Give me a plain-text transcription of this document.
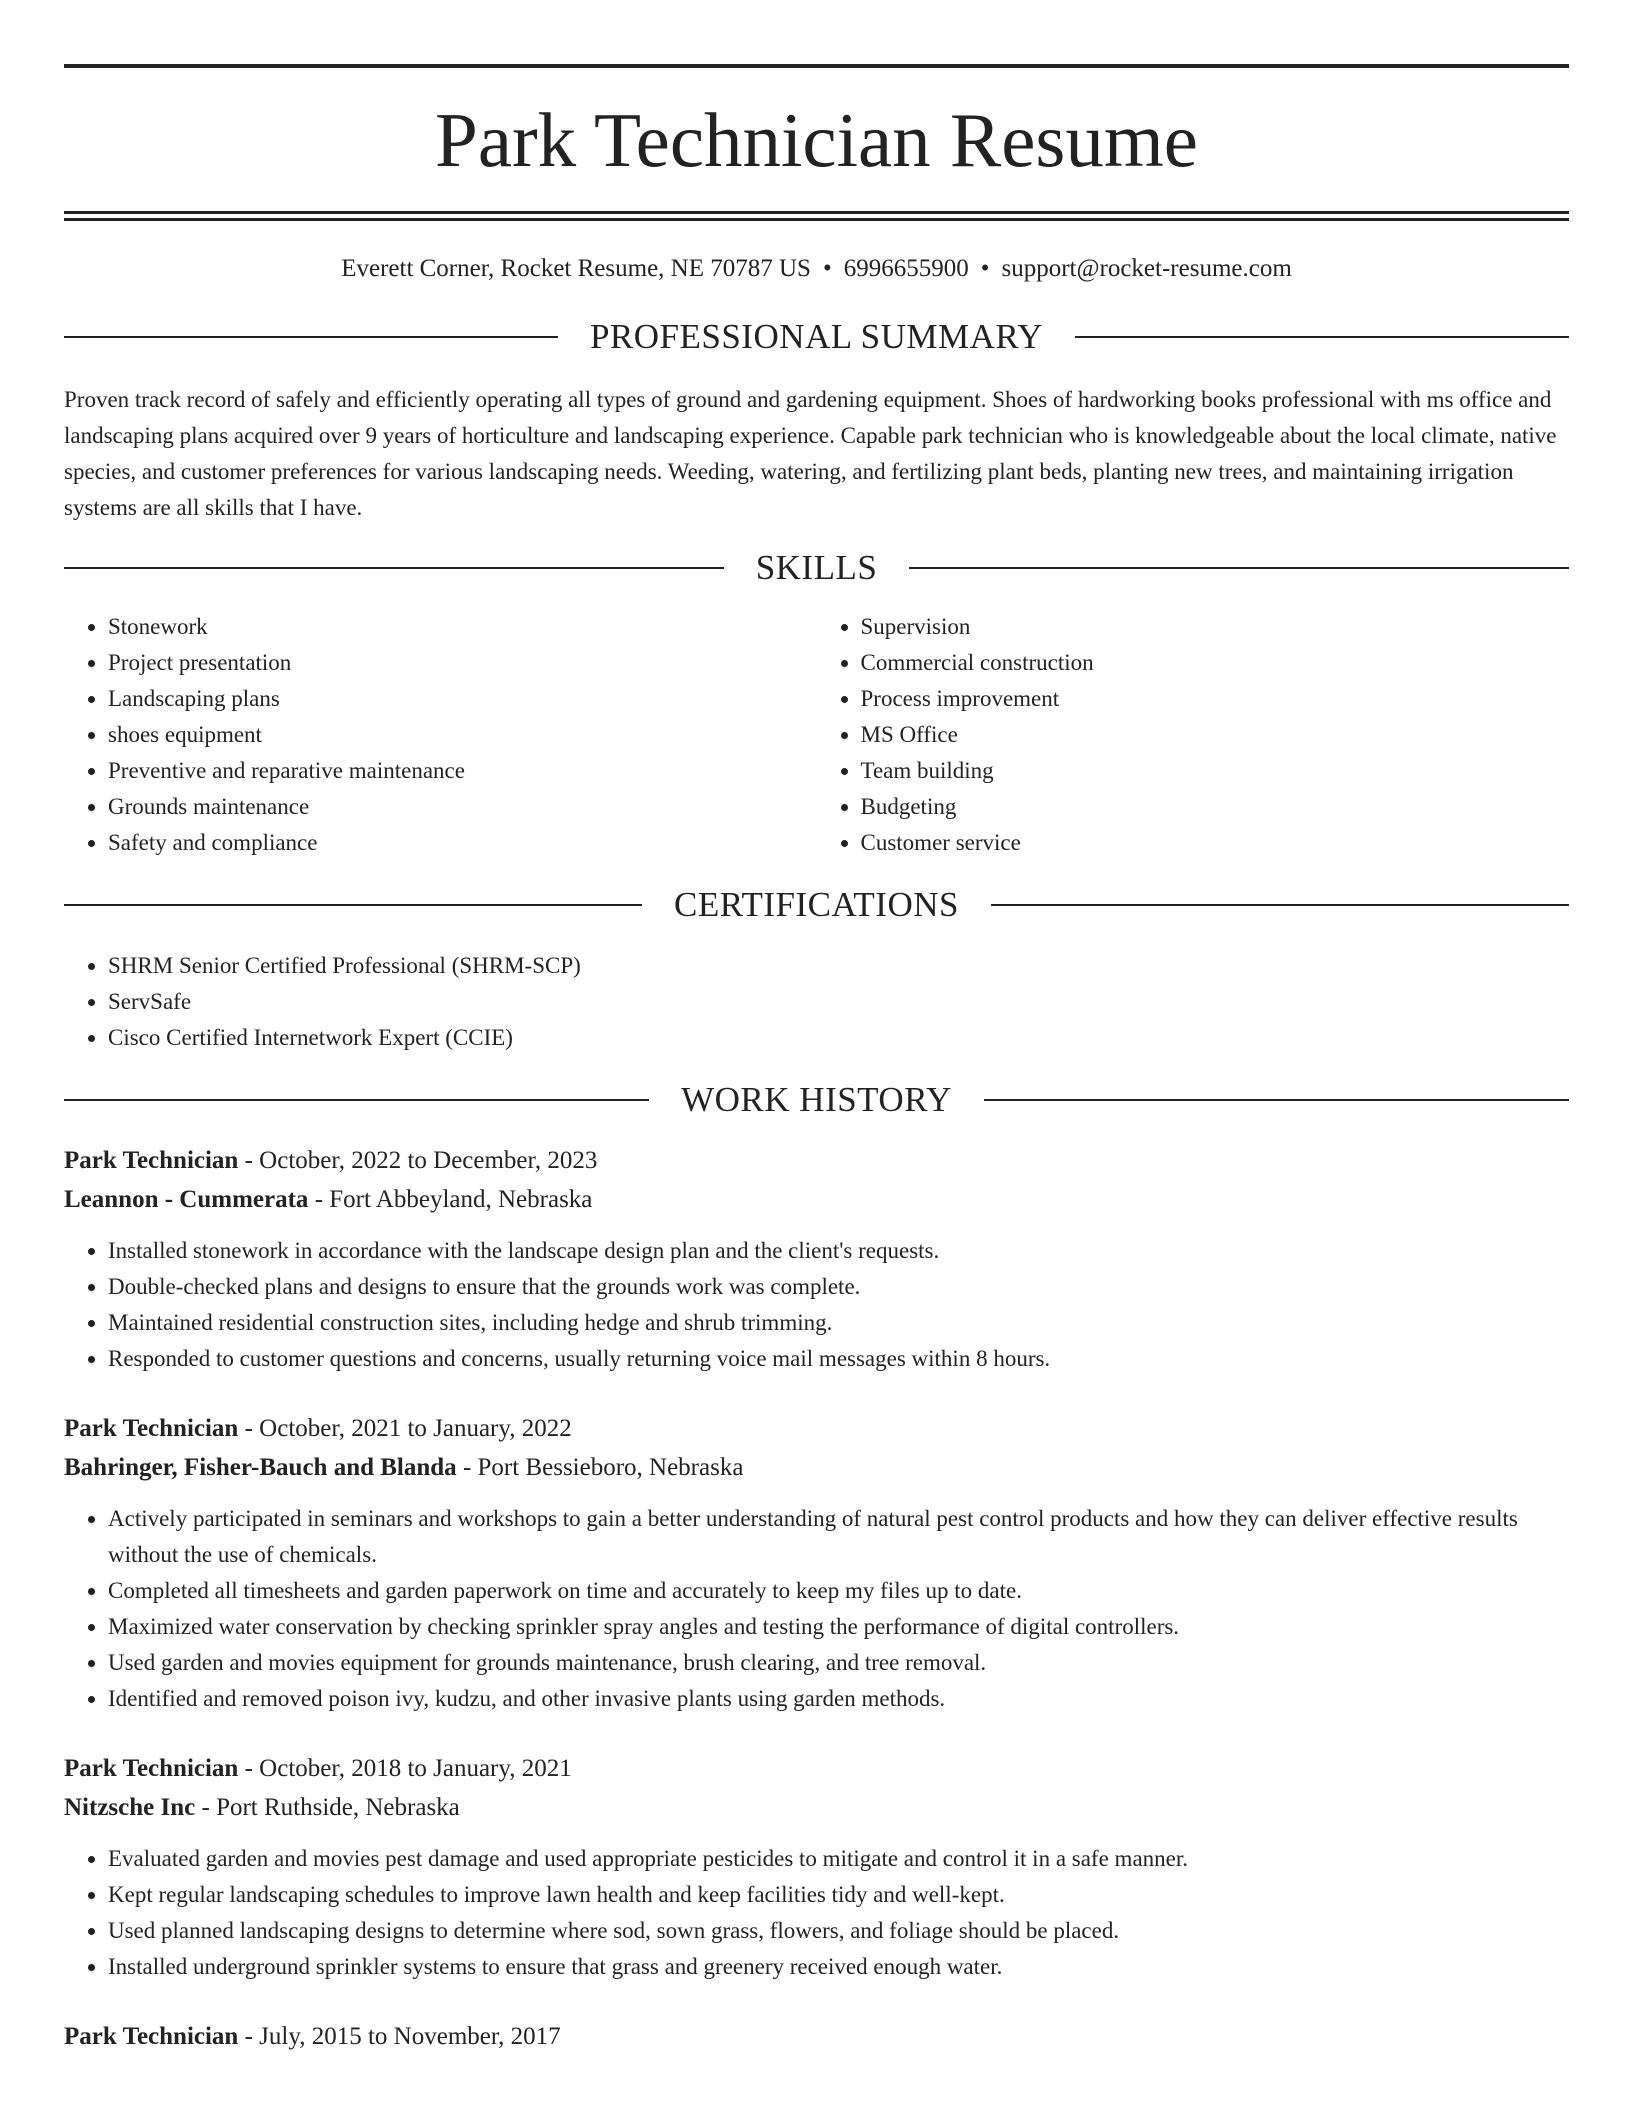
Park Technician Resume
Everett Corner, Rocket Resume, NE 70787 US • 6996655900 • support@rocket-resume.com
PROFESSIONAL SUMMARY

Proven track record of safely and efficiently operating all types of ground and gardening equipment. Shoes of hardworking books professional with ms office and landscaping plans acquired over 9 years of horticulture and landscaping experience. Capable park technician who is knowledgeable about the local climate, native species, and customer preferences for various landscaping needs. Weeding, watering, and fertilizing plant beds, planting new trees, and maintaining irrigation systems are all skills that I have.

SKILLS
• Stonework
• Project presentation
• Landscaping plans
• shoes equipment
• Preventive and reparative maintenance
• Grounds maintenance
• Safety and compliance
• Supervision
• Commercial construction
• Process improvement
• MS Office
• Team building
• Budgeting
• Customer service
CERTIFICATIONS
• SHRM Senior Certified Professional (SHRM-SCP)
• ServSafe
• Cisco Certified Internetwork Expert (CCIE)
WORK HISTORY
Park Technician - October, 2022 to December, 2023
Leannon - Cummerata - Fort Abbeyland, Nebraska
• Installed stonework in accordance with the landscape design plan and the client's requests.
• Double-checked plans and designs to ensure that the grounds work was complete.
• Maintained residential construction sites, including hedge and shrub trimming.
• Responded to customer questions and concerns, usually returning voice mail messages within 8 hours.
Park Technician - October, 2021 to January, 2022
Bahringer, Fisher-Bauch and Blanda - Port Bessieboro, Nebraska
• Actively participated in seminars and workshops to gain a better understanding of natural pest control products and how they can deliver effective results without the use of chemicals.
• Completed all timesheets and garden paperwork on time and accurately to keep my files up to date.
• Maximized water conservation by checking sprinkler spray angles and testing the performance of digital controllers.
• Used garden and movies equipment for grounds maintenance, brush clearing, and tree removal.
• Identified and removed poison ivy, kudzu, and other invasive plants using garden methods.
Park Technician - October, 2018 to January, 2021
Nitzsche Inc - Port Ruthside, Nebraska
• Evaluated garden and movies pest damage and used appropriate pesticides to mitigate and control it in a safe manner.
• Kept regular landscaping schedules to improve lawn health and keep facilities tidy and well-kept.
• Used planned landscaping designs to determine where sod, sown grass, flowers, and foliage should be placed.
• Installed underground sprinkler systems to ensure that grass and greenery received enough water.
Park Technician - July, 2015 to November, 2017
